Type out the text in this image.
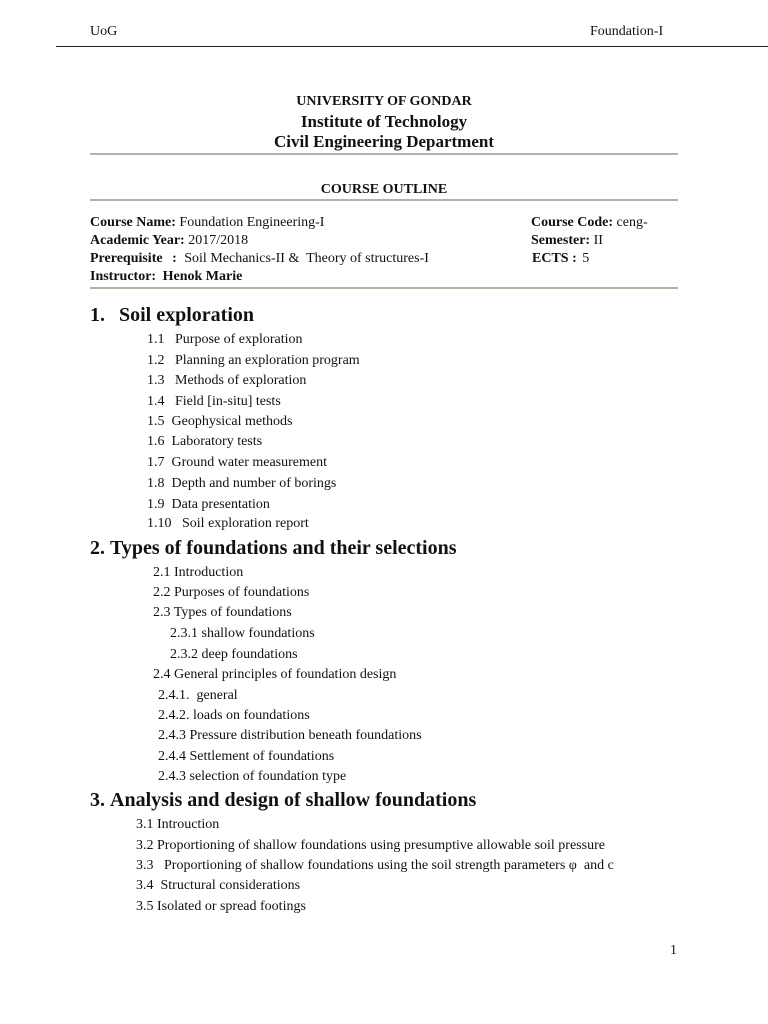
UoG	Foundation-I
UNIVERSITY OF GONDAR
Institute of Technology
Civil Engineering Department
COURSE OUTLINE
Course Name: Foundation Engineering-I	Course Code: ceng-
Academic Year: 2017/2018	Semester: II
Prerequisite : Soil Mechanics-II &  Theory of structures-I	ECTS : 5
Instructor: Henok Marie
1. Soil exploration
1.1   Purpose of exploration
1.2   Planning an exploration program
1.3   Methods of exploration
1.4   Field [in-situ] tests
1.5  Geophysical methods
1.6  Laboratory tests
1.7  Ground water measurement
1.8  Depth and number of borings
1.9  Data presentation
1.10   Soil exploration report
2. Types of foundations and their selections
2.1 Introduction
2.2 Purposes of foundations
2.3 Types of foundations
2.3.1 shallow foundations
2.3.2 deep foundations
2.4 General principles of foundation design
2.4.1.  general
2.4.2. loads on foundations
2.4.3 Pressure distribution beneath foundations
2.4.4 Settlement of foundations
2.4.3 selection of foundation type
3. Analysis and design of shallow foundations
3.1 Introuction
3.2 Proportioning of shallow foundations using presumptive allowable soil pressure
3.3   Proportioning of shallow foundations using the soil strength parameters φ  and c
3.4  Structural considerations
3.5 Isolated or spread footings
1
